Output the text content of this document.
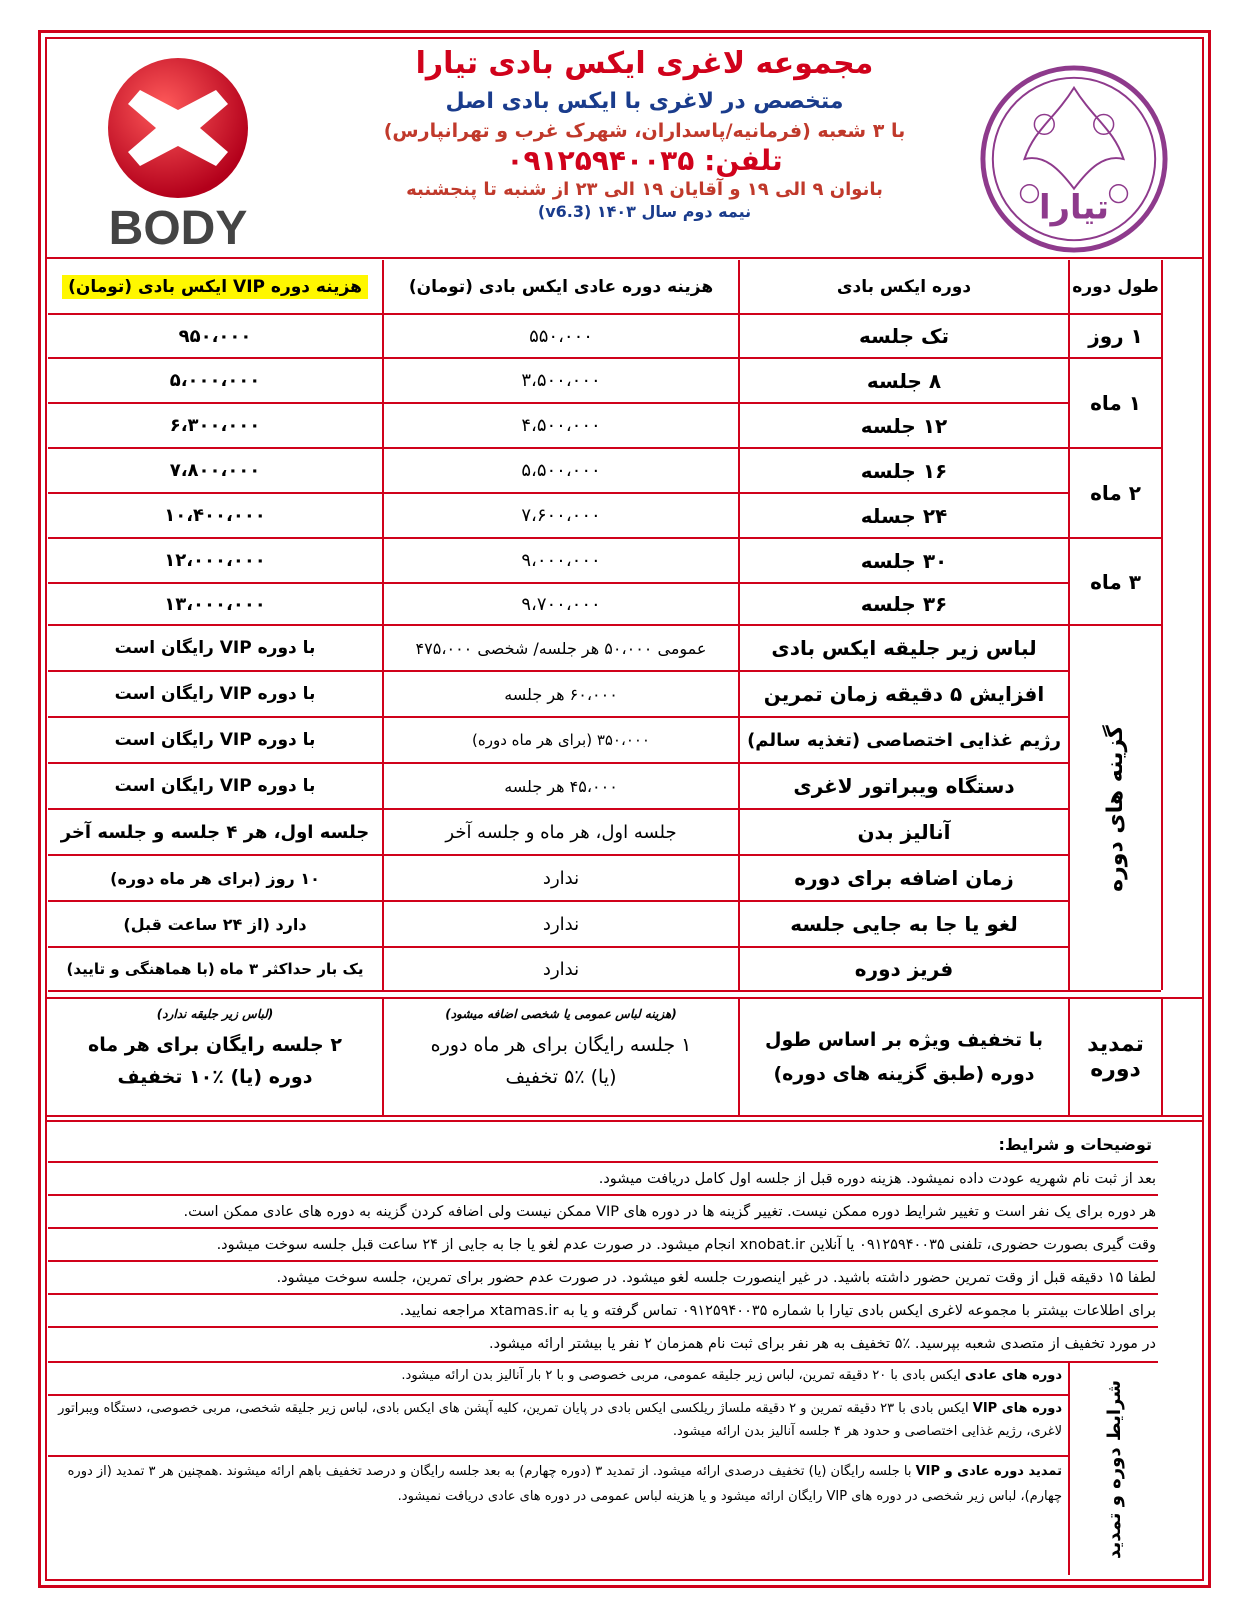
BODY
مجموعه لاغری ایکس بادی تیارا
متخصص در لاغری با ایکس بادی اصل
با ۳ شعبه (فرمانیه/پاسداران، شهرک غرب و تهرانپارس)
تلفن: ۰۹۱۲۵۹۴۰۰۳۵
بانوان ۹ الی ۱۹ و آقایان ۱۹ الی ۲۳ از شنبه تا پنجشنبه
نیمه دوم سال ۱۴۰۳ (v6.3)	تیارا
طول دوره
دوره ایکس بادی
هزینه دوره عادی ایکس بادی (تومان)
هزینه دوره VIP ایکس بادی (تومان)
۱ روز
۱ ماه
۲ ماه
۳ ماه
تک جلسه
۵۵۰،۰۰۰
۹۵۰،۰۰۰
۸ جلسه
۳،۵۰۰،۰۰۰
۵،۰۰۰،۰۰۰
۱۲ جلسه
۴،۵۰۰،۰۰۰
۶،۳۰۰،۰۰۰
۱۶ جلسه
۵،۵۰۰،۰۰۰
۷،۸۰۰،۰۰۰
۲۴ جسله
۷،۶۰۰،۰۰۰
۱۰،۴۰۰،۰۰۰
۳۰ جلسه
۹،۰۰۰،۰۰۰
۱۲،۰۰۰،۰۰۰
۳۶ جلسه
۹،۷۰۰،۰۰۰
۱۳،۰۰۰،۰۰۰
گزینه های دوره
لباس زیر جلیقه ایکس بادی
عمومی ۵۰،۰۰۰ هر جلسه/ شخصی ۴۷۵،۰۰۰
با دوره VIP رایگان است
افزایش ۵ دقیقه زمان تمرین
۶۰،۰۰۰ هر جلسه
با دوره VIP رایگان است
رژیم غذایی اختصاصی (تغذیه سالم)
۳۵۰،۰۰۰ (برای هر ماه دوره)
با دوره VIP رایگان است
دستگاه ویبراتور لاغری
۴۵،۰۰۰ هر جلسه
با دوره VIP رایگان است
آنالیز بدن
جلسه اول، هر ماه و جلسه آخر
جلسه اول، هر ۴ جلسه و جلسه آخر
زمان اضافه برای دوره
ندارد
۱۰ روز (برای هر ماه دوره)
لغو یا جا به جایی جلسه
ندارد
دارد (از ۲۴ ساعت قبل)
فریز دوره
ندارد
یک بار حداکثر ۳ ماه (با هماهنگی و تایید)
تمدید دوره
با تخفیف ویژه بر اساس طول دوره (طبق گزینه های دوره)
(هزینه لباس عمومی یا شخصی اضافه میشود)
۱ جلسه رایگان برای هر ماه دوره (یا) ٪۵ تخفیف
(لباس زیر جلیقه ندارد)
۲ جلسه رایگان برای هر ماه دوره (یا) ٪۱۰ تخفیف
توضیحات و شرایط:
بعد از ثبت نام شهریه عودت داده نمیشود. هزینه دوره قبل از جلسه اول کامل دریافت میشود.
هر دوره برای یک نفر است و تغییر شرایط دوره ممکن نیست. تغییر گزینه ها در دوره های VIP ممکن نیست ولی اضافه کردن گزینه به دوره های عادی ممکن است.
وقت گیری بصورت حضوری، تلفنی ۰۹۱۲۵۹۴۰۰۳۵ یا آنلاین xnobat.ir انجام میشود. در صورت عدم لغو یا جا به جایی از ۲۴ ساعت قبل جلسه سوخت میشود.
لطفا ۱۵ دقیقه قبل از وقت تمرین حضور داشته باشید. در غیر اینصورت جلسه لغو میشود. در صورت عدم حضور برای تمرین، جلسه سوخت میشود.
برای اطلاعات بیشتر با مجموعه لاغری ایکس بادی تیارا با شماره ۰۹۱۲۵۹۴۰۰۳۵ تماس گرفته و یا به xtamas.ir مراجعه نمایید.
در مورد تخفیف از متصدی شعبه بپرسید. ٪۵ تخفیف به هر نفر برای ثبت نام همزمان ۲ نفر یا بیشتر ارائه میشود.
شرایط دوره و تمدید
دوره های عادی ایکس بادی با ۲۰ دقیقه تمرین، لباس زیر جلیقه عمومی، مربی خصوصی و با ۲ بار آنالیز بدن ارائه میشود.
دوره های VIP ایکس بادی با ۲۳ دقیقه تمرین و ۲ دقیقه ملساژ ریلکسی ایکس بادی در پایان تمرین، کلیه آپشن های ایکس بادی، لباس زیر جلیقه شخصی، مربی خصوصی، دستگاه ویبراتور لاغری، رژیم غذایی اختصاصی و حدود هر ۴ جلسه آنالیز بدن ارائه میشود.
تمدید دوره عادی و VIP با جلسه رایگان (یا) تخفیف درصدی ارائه میشود. از تمدید ۳ (دوره چهارم) به بعد جلسه رایگان و درصد تخفیف باهم ارائه میشوند .همچنین هر ۳ تمدید (از دوره چهارم)، لباس زیر شخصی در دوره های VIP رایگان ارائه میشود و یا هزینه لباس عمومی در دوره های عادی دریافت نمیشود.
